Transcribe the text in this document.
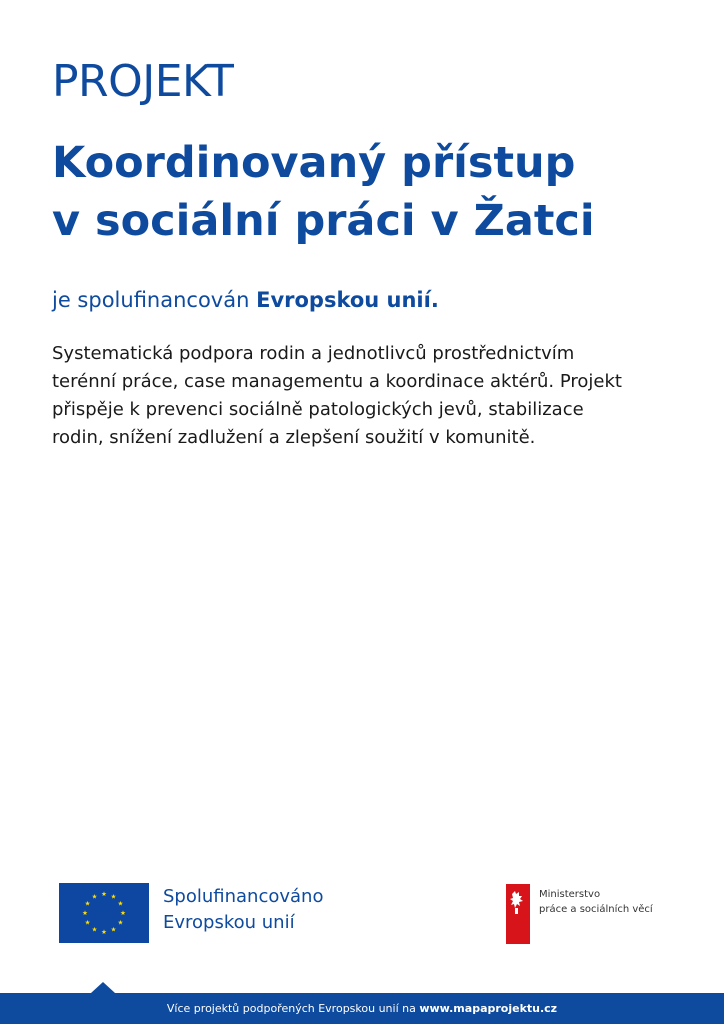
PROJEKT

Koordinovaný přístup
v sociální práci v Žatci

je spolufinancován Evropskou unií.

Systematická podpora rodin a jednotlivců prostřednictvím
terénní práce, case managementu a koordinace aktérů. Projekt
přispěje k prevenci sociálně patologických jevů, stabilizace
rodin, snížení zadlužení a zlepšení soužití v komunitě.

Spolufinancováno
Evropskou unií

Ministerstvo
práce a sociálních věcí

Více projektů podpořených Evropskou unií na www.mapaprojektu.cz
